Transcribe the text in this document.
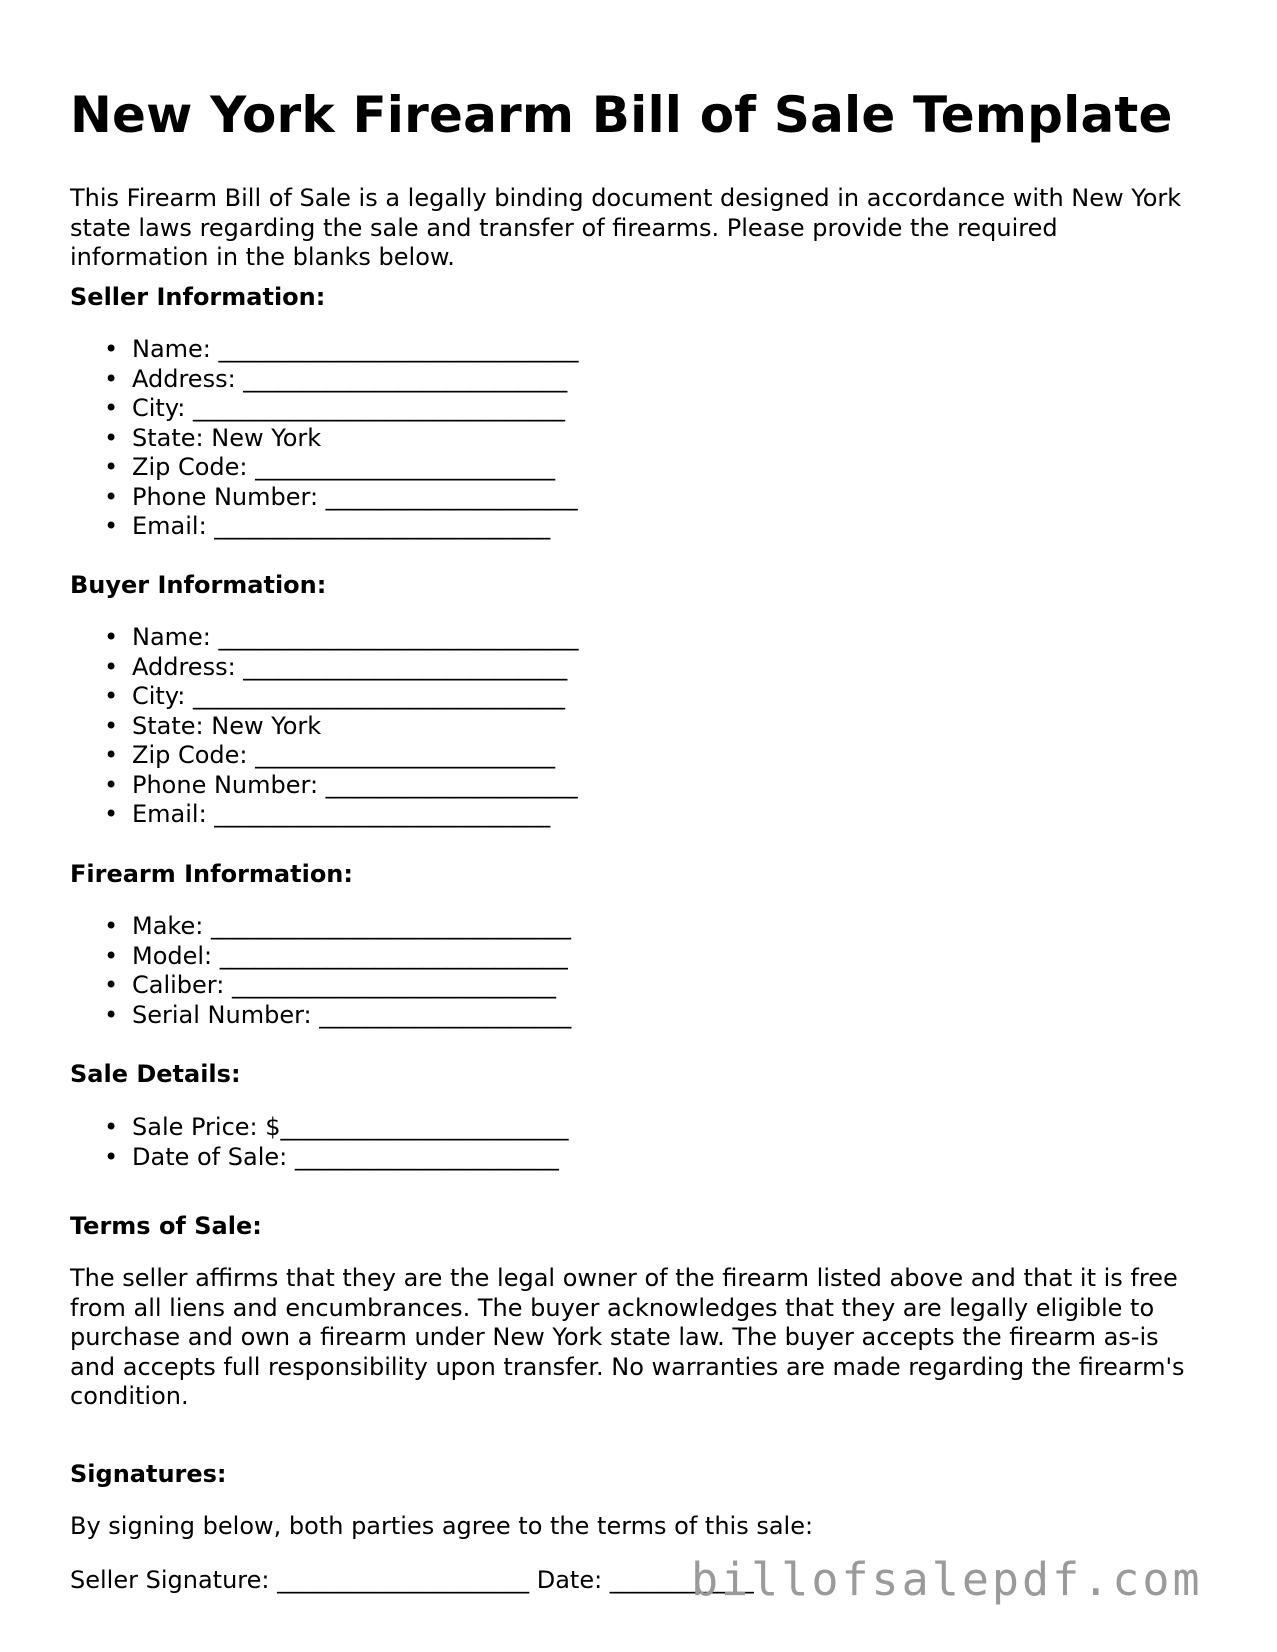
New York Firearm Bill of Sale Template

This Firearm Bill of Sale is a legally binding document designed in accordance with New York state laws regarding the sale and transfer of firearms. Please provide the required information in the blanks below.

Seller Information:
• Name: ______________________________
• Address: ___________________________
• City: _______________________________
• State: New York
• Zip Code: _________________________
• Phone Number: _____________________
• Email: ____________________________
Buyer Information:
• Name: ______________________________
• Address: ___________________________
• City: _______________________________
• State: New York
• Zip Code: _________________________
• Phone Number: _____________________
• Email: ____________________________
Firearm Information:
• Make: ______________________________
• Model: _____________________________
• Caliber: ___________________________
• Serial Number: _____________________
Sale Details:
• Sale Price: $________________________
• Date of Sale: ______________________
Terms of Sale:

The seller affirms that they are the legal owner of the firearm listed above and that it is free from all liens and encumbrances. The buyer acknowledges that they are legally eligible to purchase and own a firearm under New York state law. The buyer accepts the firearm as-is and accepts full responsibility upon transfer. No warranties are made regarding the firearm's condition.

Signatures:

By signing below, both parties agree to the terms of this sale:

Seller Signature: _____________________ Date: ____________

billofsalepdf.com
